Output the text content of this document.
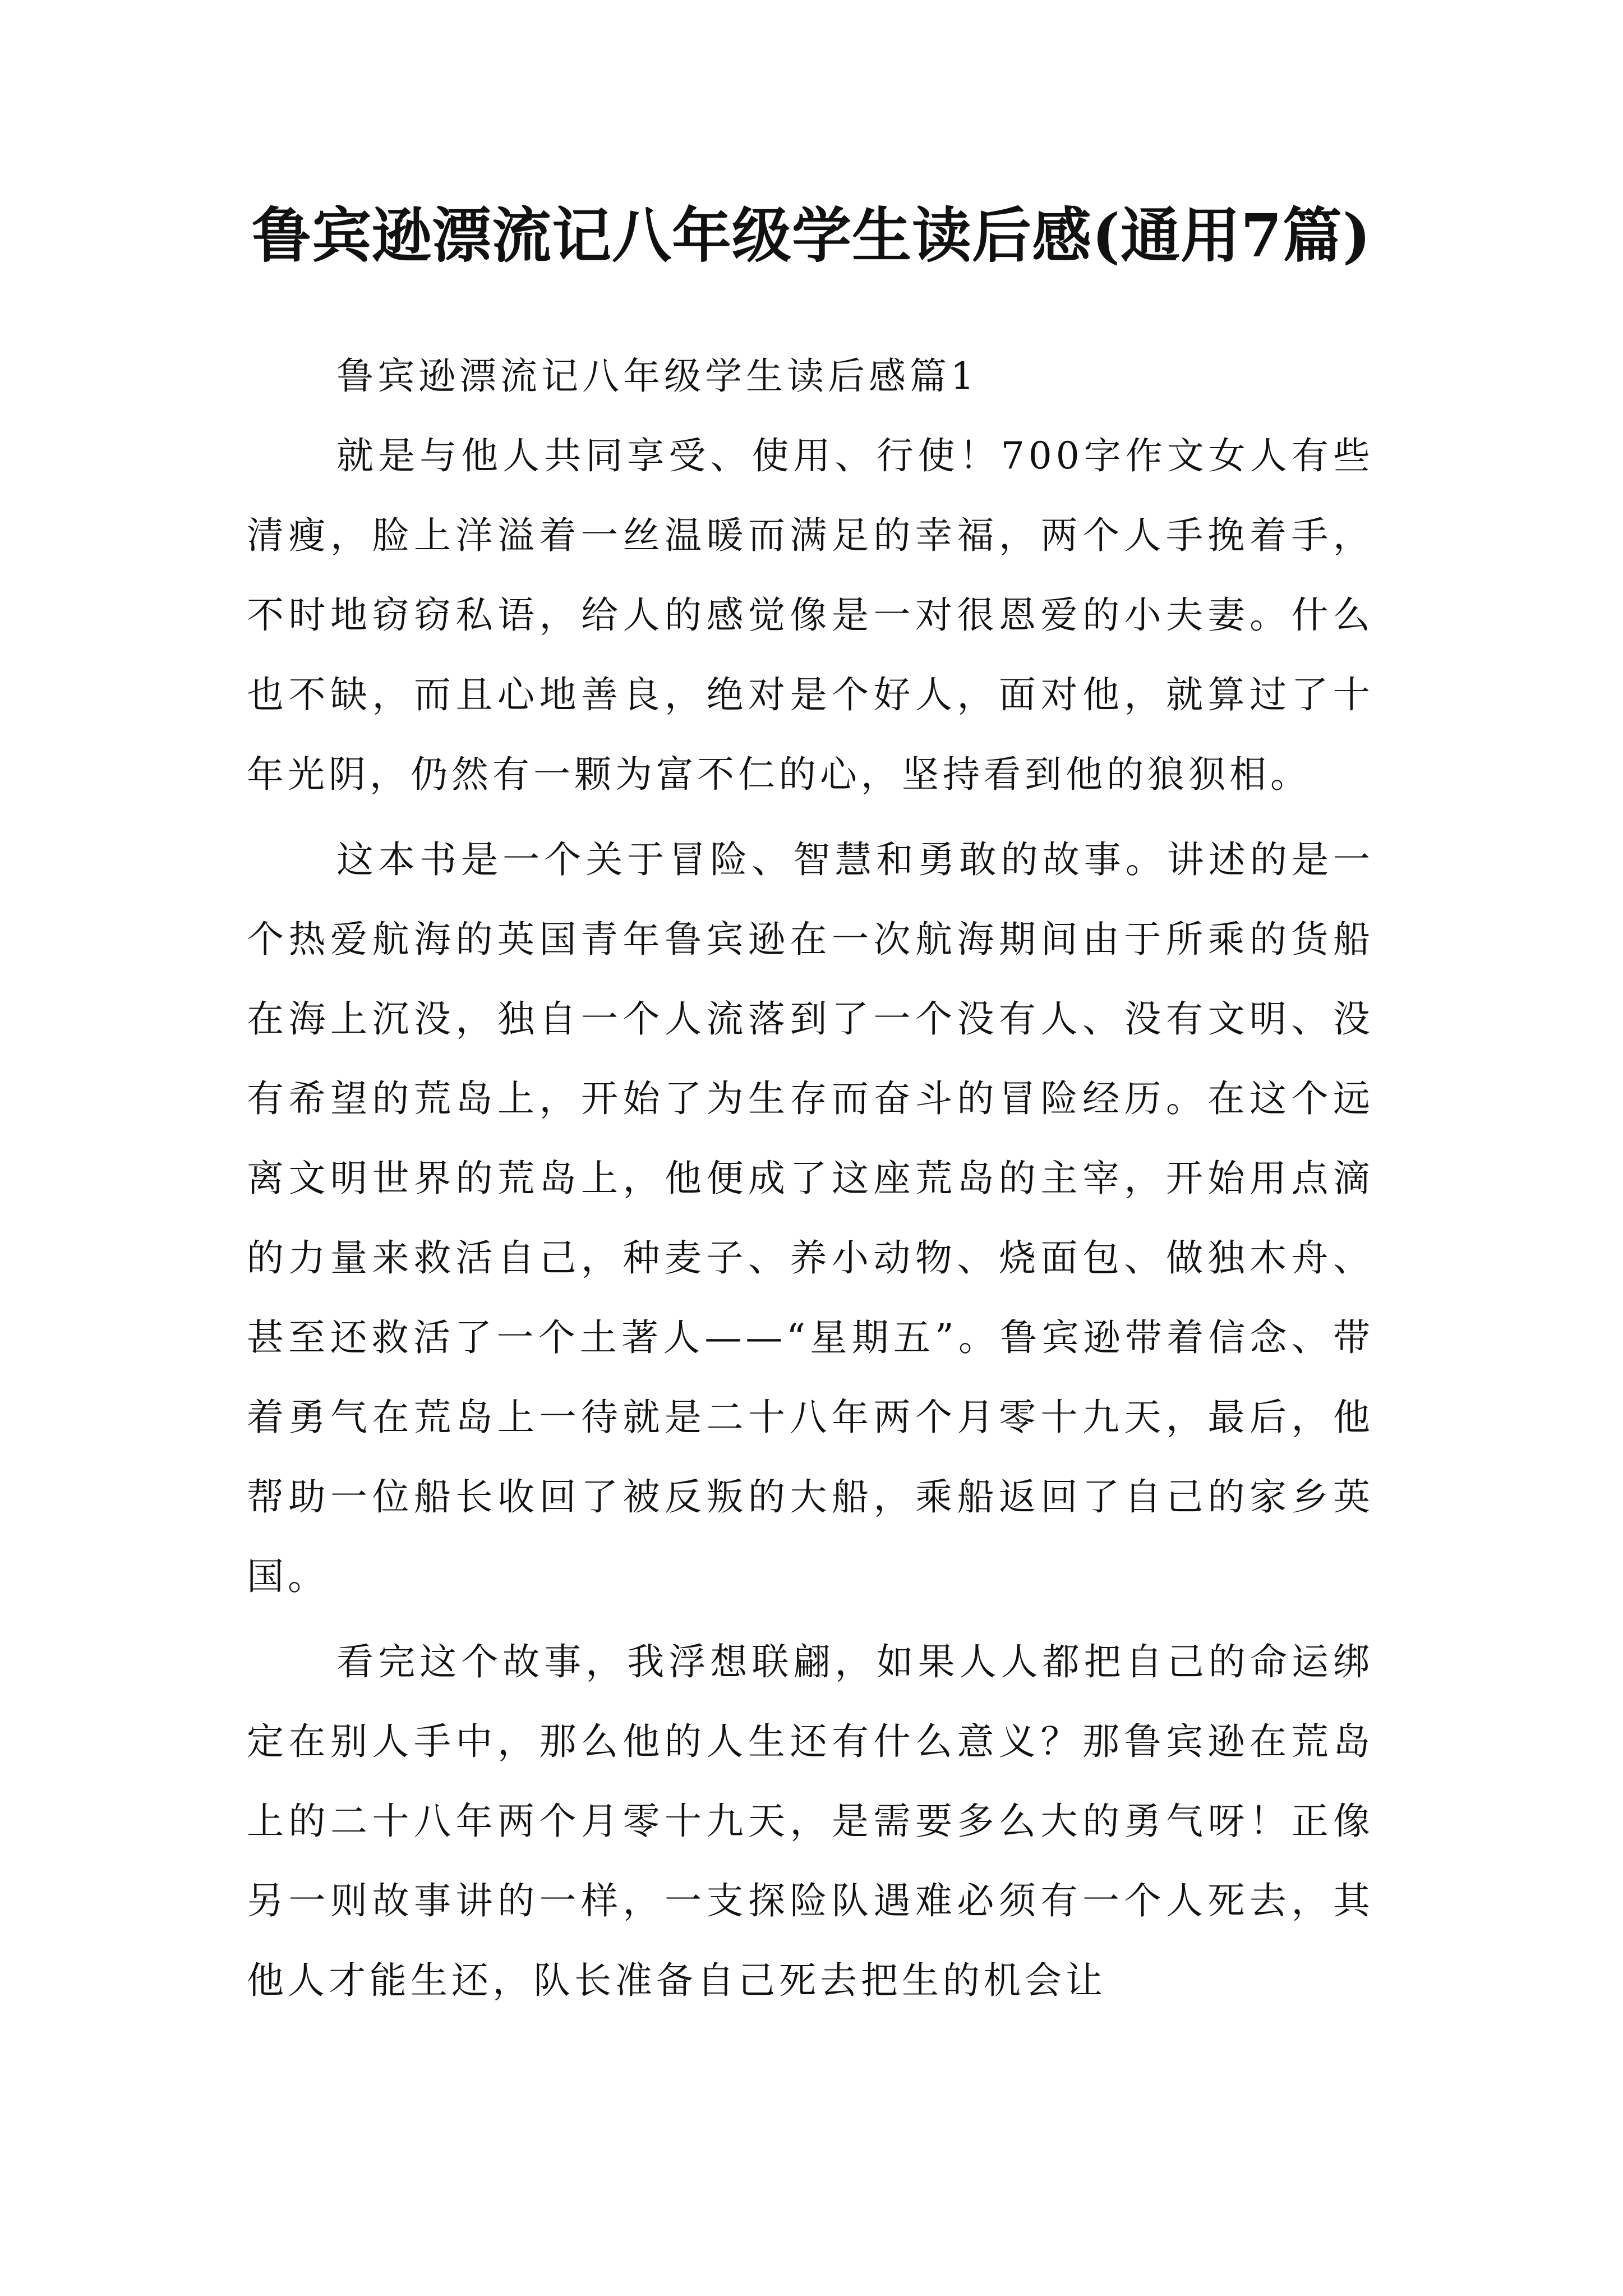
鲁宾逊漂流记八年级学生读后感(通用7篇)
鲁宾逊漂流记八年级学生读后感篇1

就是与他人共同享受、使用、行使！700字作文女人有些清瘦，脸上洋溢着一丝温暖而满足的幸福，两个人手挽着手，不时地窃窃私语，给人的感觉像是一对很恩爱的小夫妻。什么也不缺，而且心地善良，绝对是个好人，面对他，就算过了十年光阴，仍然有一颗为富不仁的心，坚持看到他的狼狈相。

这本书是一个关于冒险、智慧和勇敢的故事。讲述的是一个热爱航海的英国青年鲁宾逊在一次航海期间由于所乘的货船在海上沉没，独自一个人流落到了一个没有人、没有文明、没有希望的荒岛上，开始了为生存而奋斗的冒险经历。在这个远离文明世界的荒岛上，他便成了这座荒岛的主宰，开始用点滴的力量来救活自己，种麦子、养小动物、烧面包、做独木舟、甚至还救活了一个土著人——“星期五”。鲁宾逊带着信念、带着勇气在荒岛上一待就是二十八年两个月零十九天，最后，他帮助一位船长收回了被反叛的大船，乘船返回了自己的家乡英国。

看完这个故事，我浮想联翩，如果人人都把自己的命运绑定在别人手中，那么他的人生还有什么意义？那鲁宾逊在荒岛上的二十八年两个月零十九天，是需要多么大的勇气呀！正像另一则故事讲的一样，一支探险队遇难必须有一个人死去，其他人才能生还，队长准备自己死去把生的机会让
